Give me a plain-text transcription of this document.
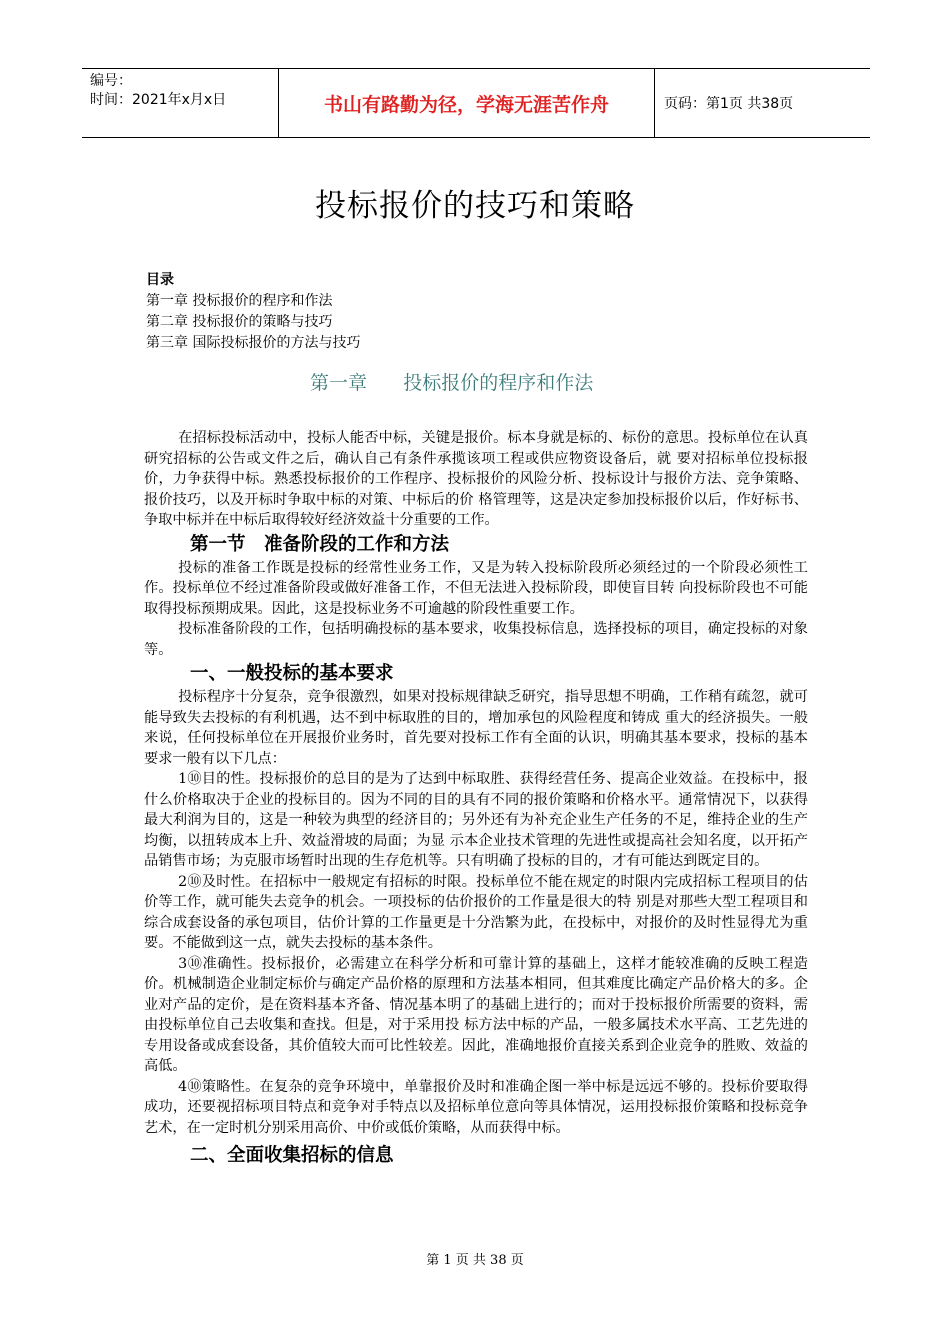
编号：
时间：2021年x月x日	书山有路勤为径，学海无涯苦作舟	页码：第1页 共38页
投标报价的技巧和策略
目录
第一章 投标报价的程序和作法
第二章 投标报价的策略与技巧
第三章 国际投标报价的方法与技巧
第一章      投标报价的程序和作法

在招标投标活动中，投标人能否中标，关键是报价。标本身就是标的、标份的意思。投标单位在认真研究招标的公告或文件之后，确认自己有条件承揽该项工程或供应物资设备后，就 要对招标单位投标报价，力争获得中标。熟悉投标报价的工作程序、投标报价的风险分析、投标设计与报价方法、竞争策略、报价技巧，以及开标时争取中标的对策、中标后的价 格管理等，这是决定参加投标报价以后，作好标书、争取中标并在中标后取得较好经济效益十分重要的工作。

第一节　准备阶段的工作和方法

投标的准备工作既是投标的经常性业务工作，又是为转入投标阶段所必须经过的一个阶段必须性工作。投标单位不经过准备阶段或做好准备工作，不但无法进入投标阶段，即使盲目转 向投标阶段也不可能取得投标预期成果。因此，这是投标业务不可逾越的阶段性重要工作。

投标准备阶段的工作，包括明确投标的基本要求，收集投标信息，选择投标的项目，确定投标的对象等。

一、一般投标的基本要求

投标程序十分复杂，竞争很激烈，如果对投标规律缺乏研究，指导思想不明确，工作稍有疏忽，就可能导致失去投标的有利机遇，达不到中标取胜的目的，增加承包的风险程度和铸成 重大的经济损失。一般来说，任何投标单位在开展报价业务时，首先要对投标工作有全面的认识，明确其基本要求，投标的基本要求一般有以下几点：

1⑩目的性。投标报价的总目的是为了达到中标取胜、获得经营任务、提高企业效益。在投标中，报什么价格取决于企业的投标目的。因为不同的目的具有不同的报价策略和价格水平。通常情况下，以获得最大利润为目的，这是一种较为典型的经济目的；另外还有为补充企业生产任务的不足，维持企业的生产均衡，以扭转成本上升、效益滑坡的局面；为显 示本企业技术管理的先进性或提高社会知名度，以开拓产品销售市场；为克服市场暂时出现的生存危机等。只有明确了投标的目的，才有可能达到既定目的。

2⑩及时性。在招标中一般规定有招标的时限。投标单位不能在规定的时限内完成招标工程项目的估价等工作，就可能失去竞争的机会。一项投标的估价报价的工作量是很大的特 别是对那些大型工程项目和综合成套设备的承包项目，估价计算的工作量更是十分浩繁为此，在投标中，对报价的及时性显得尤为重要。不能做到这一点，就失去投标的基本条件。

3⑩准确性。投标报价，必需建立在科学分析和可靠计算的基础上，这样才能较准确的反映工程造价。机械制造企业制定标价与确定产品价格的原理和方法基本相同，但其难度比确定产品价格大的多。企业对产品的定价，是在资料基本齐备、情况基本明了的基础上进行的；而对于投标报价所需要的资料，需由投标单位自己去收集和查找。但是，对于采用投 标方法中标的产品，一般多属技术水平高、工艺先进的专用设备或成套设备，其价值较大而可比性较差。因此，准确地报价直接关系到企业竞争的胜败、效益的高低。

4⑩策略性。在复杂的竞争环境中，单靠报价及时和准确企图一举中标是远远不够的。投标价要取得成功，还要视招标项目特点和竞争对手特点以及招标单位意向等具体情况，运用投标报价策略和投标竞争艺术，在一定时机分别采用高价、中价或低价策略，从而获得中标。

二、全面收集招标的信息
第 1 页 共 38 页
